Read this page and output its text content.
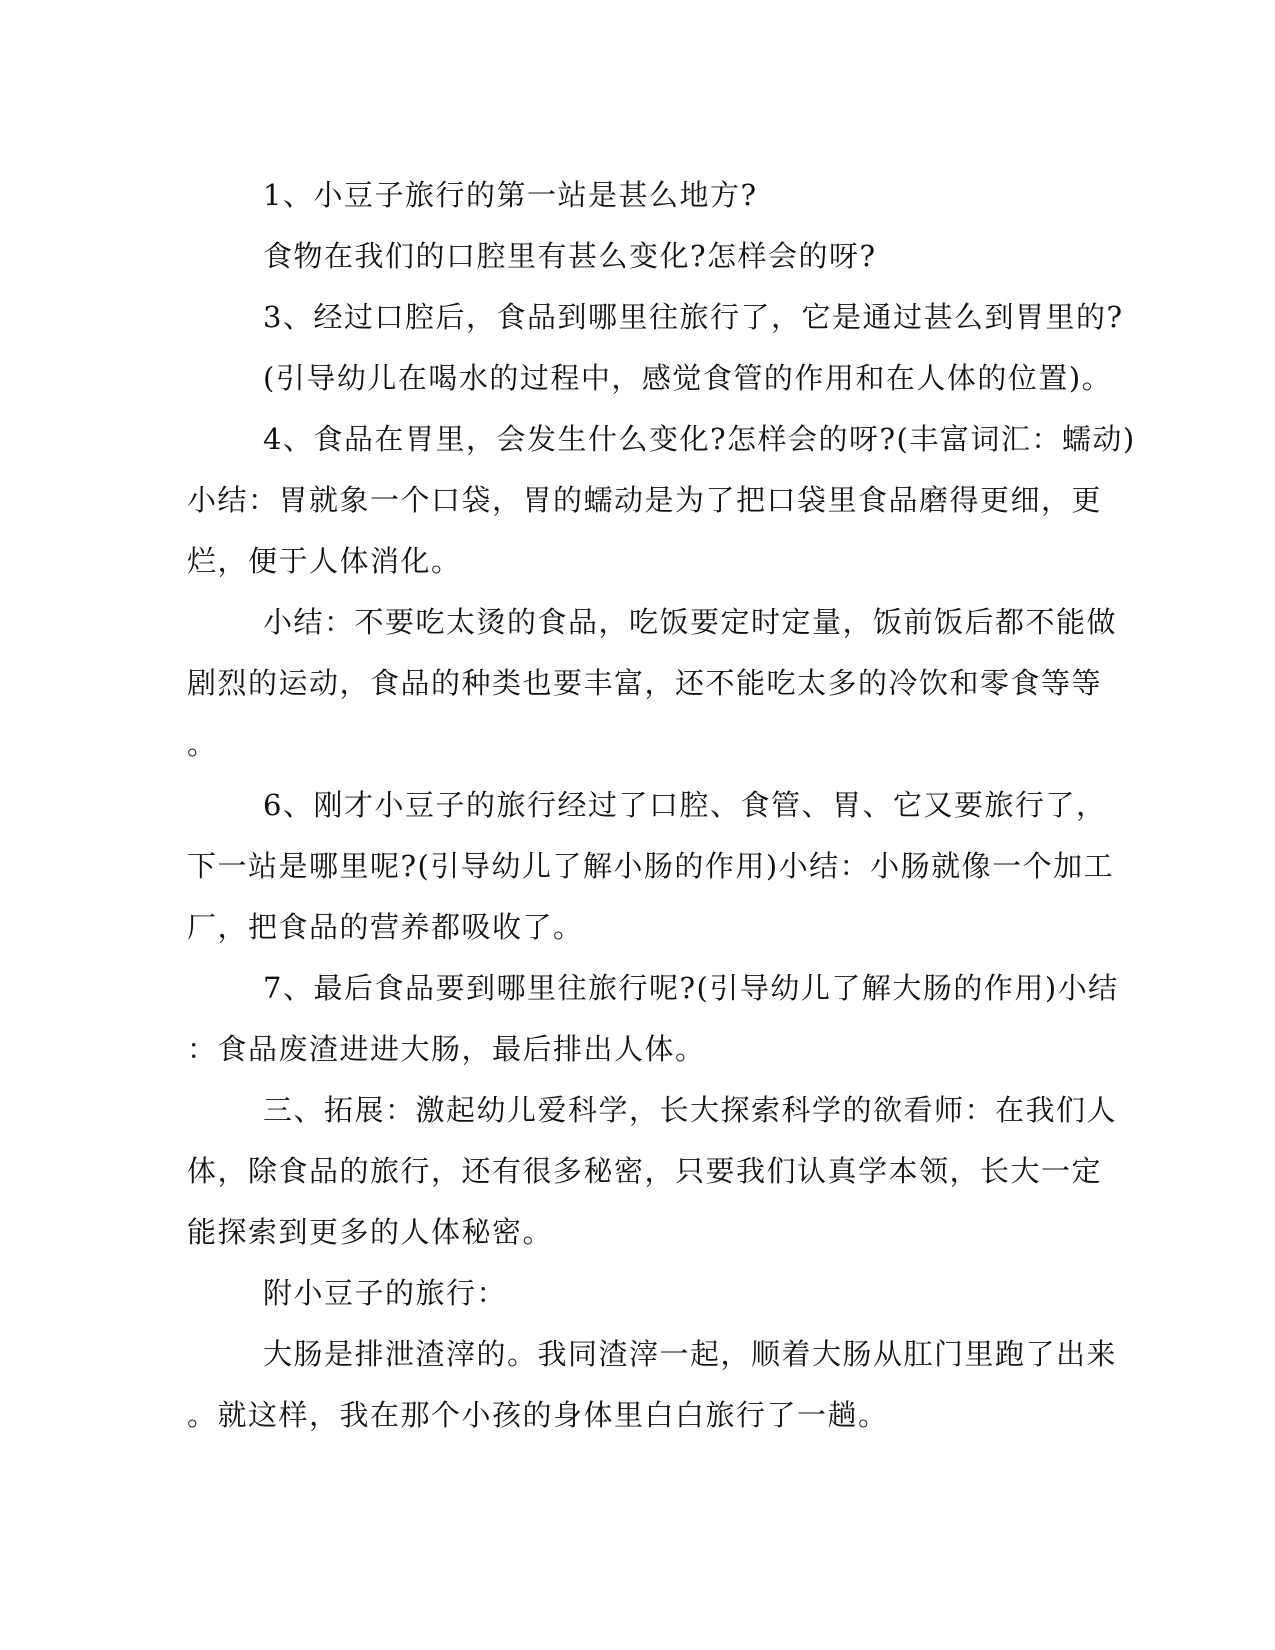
1、小豆子旅行的第一站是甚么地方?

食物在我们的口腔里有甚么变化?怎样会的呀?

3、经过口腔后，食品到哪里往旅行了，它是通过甚么到胃里的?

(引导幼儿在喝水的过程中，感觉食管的作用和在人体的位置)。

4、食品在胃里，会发生什么变化?怎样会的呀?(丰富词汇：蠕动)
小结：胃就象一个口袋，胃的蠕动是为了把口袋里食品磨得更细，更
烂，便于人体消化。

小结：不要吃太烫的食品，吃饭要定时定量，饭前饭后都不能做
剧烈的运动，食品的种类也要丰富，还不能吃太多的冷饮和零食等等
。

6、刚才小豆子的旅行经过了口腔、食管、胃、它又要旅行了，
下一站是哪里呢?(引导幼儿了解小肠的作用)小结：小肠就像一个加工
厂，把食品的营养都吸收了。

7、最后食品要到哪里往旅行呢?(引导幼儿了解大肠的作用)小结
：食品废渣进进大肠，最后排出人体。

三、拓展：激起幼儿爱科学，长大探索科学的欲看师：在我们人
体，除食品的旅行，还有很多秘密，只要我们认真学本领，长大一定
能探索到更多的人体秘密。

附小豆子的旅行：

大肠是排泄渣滓的。我同渣滓一起，顺着大肠从肛门里跑了出来
。就这样，我在那个小孩的身体里白白旅行了一趟。
